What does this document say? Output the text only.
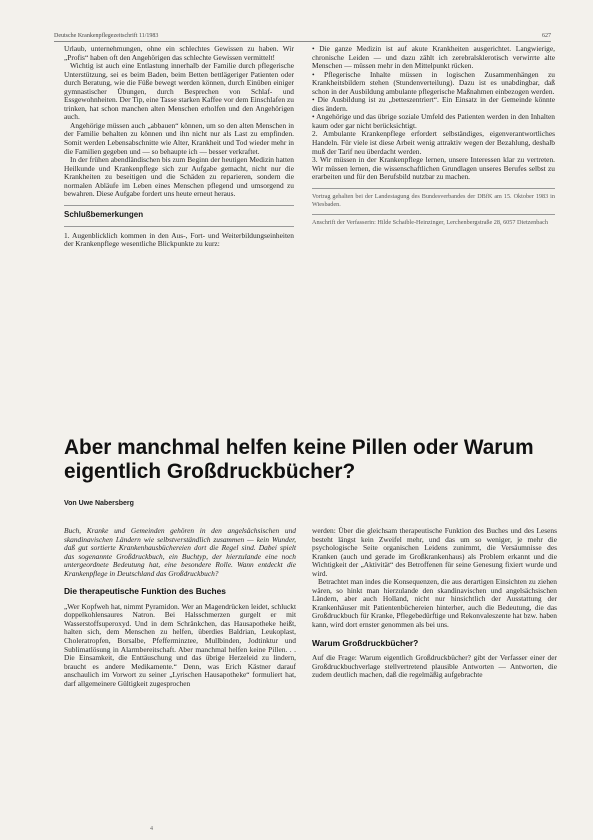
Deutsche Krankenpflegezeitschrift 11/1983	627

Urlaub, unternehmungen, ohne ein schlechtes Gewissen zu haben. Wir „Profis“ haben oft den Angehörigen das schlechte Gewissen vermittelt!

Wichtig ist auch eine Entlastung innerhalb der Familie durch pflegerische Unterstützung, sei es beim Baden, beim Betten bettlägeriger Patienten oder durch Beratung, wie die Füße bewegt werden können, durch Einüben einiger gymnastischer Übungen, durch Besprechen von Schlaf- und Essgewohnheiten. Der Tip, eine Tasse starken Kaffee vor dem Einschlafen zu trinken, hat schon manchen alten Menschen erholfen und den Angehörigen auch.

Angehörige müssen auch „abbauen“ können, um so den alten Menschen in der Familie behalten zu können und ihn nicht nur als Last zu empfinden. Somit werden Lebensabschnitte wie Alter, Krankheit und Tod wieder mehr in die Familien gegeben und — so behaupte ich — besser verkraftet.

In der frühen abendländischen bis zum Beginn der heutigen Medizin hatten Heilkunde und Krankenpflege sich zur Aufgabe gemacht, nicht nur die Krankheiten zu beseitigen und die Schäden zu reparieren, sondern die normalen Abläufe im Leben eines Menschen pflegend und umsorgend zu bewahren. Diese Aufgabe fordert uns heute erneut heraus.

Schlußbemerkungen

1. Augenblicklich kommen in den Aus-, Fort- und Weiterbildungseinheiten der Krankenpflege wesentliche Blickpunkte zu kurz:

• Die ganze Medizin ist auf akute Krankheiten ausgerichtet. Langwierige, chronische Leiden — und dazu zählt ich zerebralsklerotisch verwirrte alte Menschen — müssen mehr in den Mittelpunkt rücken.

• Pflegerische Inhalte müssen in logischen Zusammenhängen zu Krankheitsbildern stehen (Stundenverteilung). Dazu ist es unabdingbar, daß schon in der Ausbildung ambulante pflegerische Maßnahmen einbezogen werden.

• Die Ausbildung ist zu „betteszentriert“. Ein Einsatz in der Gemeinde könnte dies ändern.

• Angehörige und das übrige soziale Umfeld des Patienten werden in den Inhalten kaum oder gar nicht berücksichtigt.

2. Ambulante Krankenpflege erfordert selbständiges, eigenverantwortliches Handeln. Für viele ist diese Arbeit wenig attraktiv wegen der Bezahlung, deshalb muß der Tarif neu überdacht werden.

3. Wir müssen in der Krankenpflege lernen, unsere Interessen klar zu vertreten. Wir müssen lernen, die wissenschaftlichen Grundlagen unseres Berufes selbst zu erarbeiten und für den Berufsbild nutzbar zu machen.

Vortrag gehalten bei der Landestagung des Bundesverbandes der DBfK am 15. Oktober 1983 in Wiesbaden.

Anschrift der Verfasserin: Hilde Schaible-Heinzinger, Lerchenbergstraße 28, 6057 Dietzenbach

Aber manchmal helfen keine Pillen oder Warum eigentlich Großdruckbücher?
Von Uwe Nabersberg

Buch, Kranke und Gemeinden gehören in den angelsächsischen und skandinavischen Ländern wie selbstverständlich zusammen — kein Wunder, daß gut sortierte Krankenhausbüchereien dort die Regel sind. Dabei spielt das sogenannte Großdruckbuch, ein Buchtyp, der hierzulande eine noch untergeordnete Bedeutung hat, eine besondere Rolle. Wann entdeckt die Krankenpflege in Deutschland das Großdruckbuch?

Die therapeutische Funktion des Buches

„Wer Kopfweh hat, nimmt Pyramidon. Wer an Magendrücken leidet, schluckt doppelkohlensaures Natron. Bei Halsschmerzen gurgelt er mit Wasserstoffsuperoxyd. Und in dem Schränkchen, das Hausapotheke heißt, halten sich, dem Menschen zu helfen, überdies Baldrian, Leukoplast, Choleratropfen, Borsalbe, Pfefferminztee, Mullbinden, Jodtinktur und Sublimatlösung in Alarmbereitschaft. Aber manchmal helfen keine Pillen. . . Die Einsamkeit, die Enttäuschung und das übrige Herzeleid zu lindern, braucht es andere Medikamente.“ Denn, was Erich Kästner darauf anschaulich im Vorwort zu seiner „Lyrischen Hausapotheke“ formuliert hat, darf allgemeinere Gültigkeit zugesprochen

werden: Über die gleichsam therapeutische Funktion des Buches und des Lesens besteht längst kein Zweifel mehr, und das um so weniger, je mehr die psychologische Seite organischen Leidens zunimmt, die Versäumnisse des Kranken (auch und gerade im Großkrankenhaus) als Problem erkannt und die Wichtigkeit der „Aktivität“ des Betroffenen für seine Genesung fixiert wurde und wird.

Betrachtet man indes die Konsequenzen, die aus derartigen Einsichten zu ziehen wären, so hinkt man hierzulande den skandinavischen und angelsächsischen Ländern, aber auch Holland, nicht nur hinsichtlich der Ausstattung der Krankenhäuser mit Patientenbüchereien hinterher, auch die Bedeutung, die das Großdruckbuch für Kranke, Pflegebedürftige und Rekonvaleszente hat bzw. haben kann, wird dort ernster genommen als bei uns.

Warum Großdruckbücher?

Auf die Frage: Warum eigentlich Großdruckbücher? gibt der Verfasser einer der Großdruckbuchverlage stellvertretend plausible Antworten — Antworten, die zudem deutlich machen, daß die regelmäßig aufgebrachte

4
